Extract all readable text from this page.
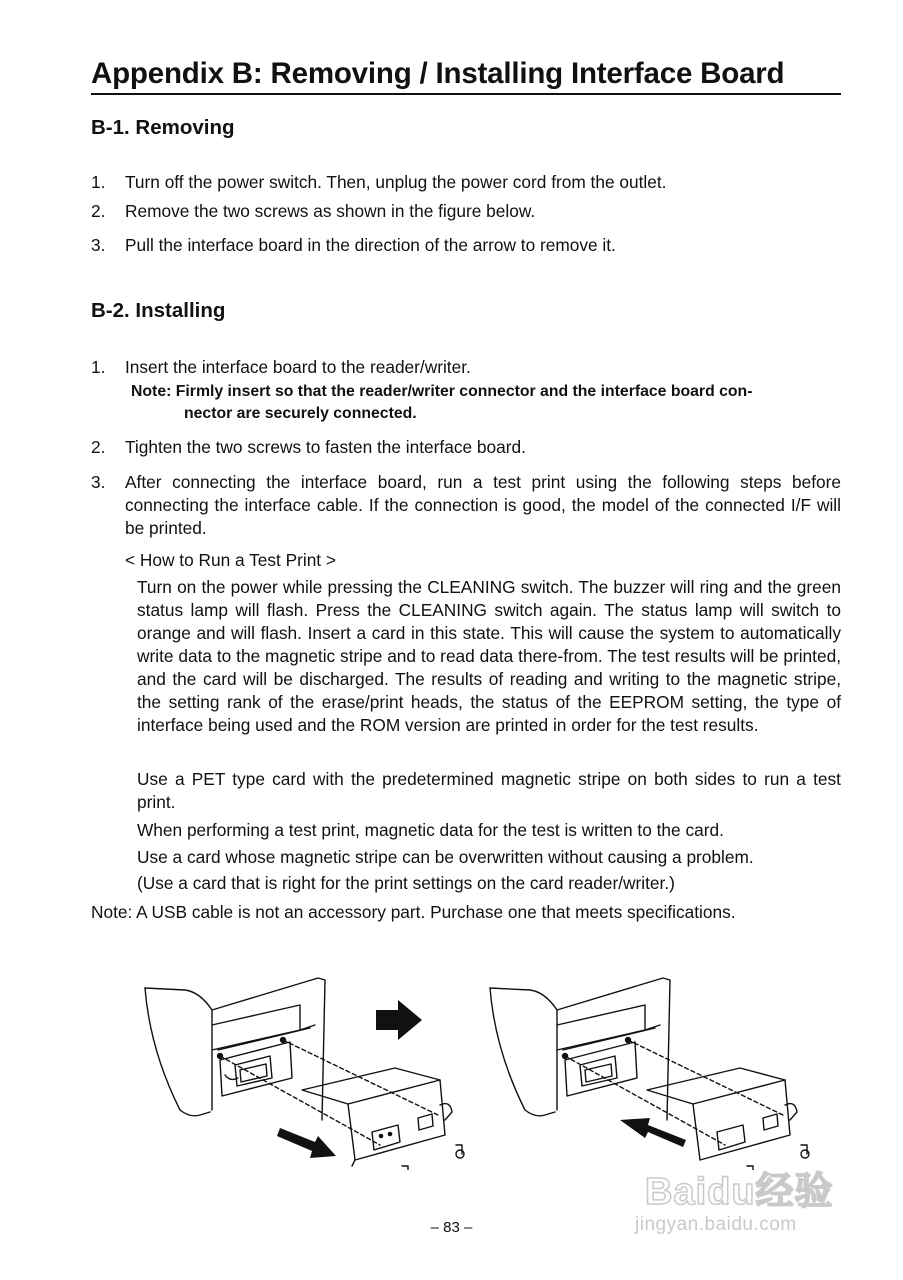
Appendix B: Removing / Installing Interface Board
B-1. Removing
1.	Turn off the power switch. Then, unplug the power cord from the outlet.
2.	Remove the two screws as shown in the figure below.
3.	Pull the interface board in the direction of the arrow to remove it.
B-2. Installing
1.	Insert the interface board to the reader/writer.
Note: Firmly insert so that the reader/writer connector and the interface board con-
nector are securely connected.
2.	Tighten the two screws to fasten the interface board.
3.	After connecting the interface board, run a test print using the following steps before connecting the interface cable. If the connection is good, the model of the connected I/F will be printed.
< How to Run a Test Print >
Turn on the power while pressing the CLEANING switch. The buzzer will ring and the green status lamp will flash. Press the CLEANING switch again. The status lamp will switch to orange and will flash. Insert a card in this state. This will cause the system to automatically write data to the magnetic stripe and to read data there-from. The test results will be printed, and the card will be discharged. The results of reading and writing to the magnetic stripe, the setting rank of the erase/print heads, the status of the EEPROM setting, the type of interface being used and the ROM version are printed in order for the test results.
Use a PET type card with the predetermined magnetic stripe on both sides to run a test print.
When performing a test print, magnetic data for the test is written to the card.
Use a card whose magnetic stripe can be overwritten without causing a problem.
(Use a card that is right for the print settings on the card reader/writer.)
Note: A USB cable is not an accessory part. Purchase one that meets specifications.
Baidu经验
jingyan.baidu.com
– 83 –
